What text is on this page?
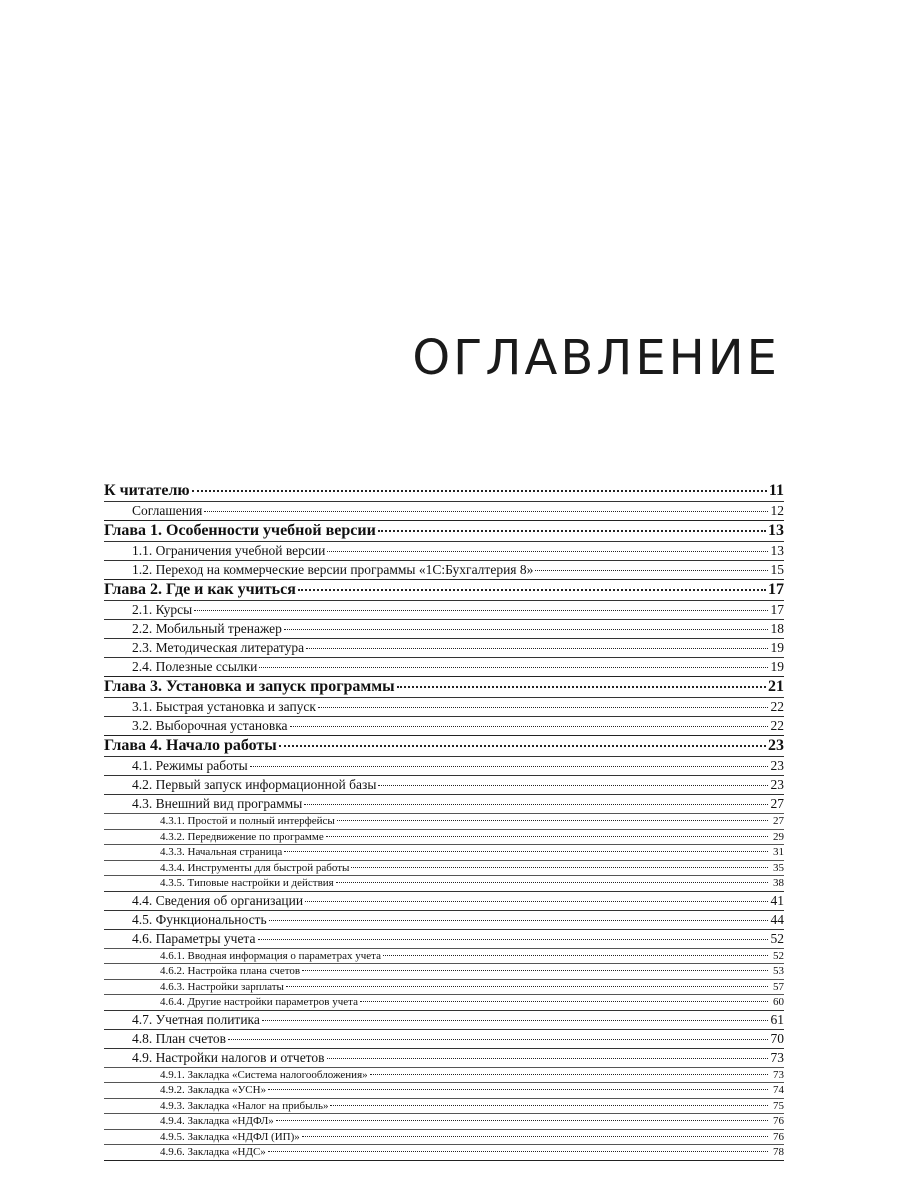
ОГЛАВЛЕНИЕ
К читателю	11
Соглашения	12
Глава 1. Особенности учебной версии	13
1.1. Ограничения учебной версии	13
1.2. Переход на коммерческие версии программы «1С:Бухгалтерия 8»	15
Глава 2. Где и как учиться	17
2.1. Курсы	17
2.2. Мобильный тренажер	18
2.3. Методическая литература	19
2.4. Полезные ссылки	19
Глава 3. Установка и запуск программы	21
3.1. Быстрая установка и запуск	22
3.2. Выборочная установка	22
Глава 4. Начало работы	23
4.1. Режимы работы	23
4.2. Первый запуск информационной базы	23
4.3. Внешний вид программы	27
4.3.1. Простой и полный интерфейсы	27
4.3.2. Передвижение по программе	29
4.3.3. Начальная страница	31
4.3.4. Инструменты для быстрой работы	35
4.3.5. Типовые настройки и действия	38
4.4. Сведения об организации	41
4.5. Функциональность	44
4.6. Параметры учета	52
4.6.1. Вводная информация о параметрах учета	52
4.6.2. Настройка плана счетов	53
4.6.3. Настройки зарплаты	57
4.6.4. Другие настройки параметров учета	60
4.7. Учетная политика	61
4.8. План счетов	70
4.9. Настройки налогов и отчетов	73
4.9.1. Закладка «Система налогообложения»	73
4.9.2. Закладка «УСН»	74
4.9.3. Закладка «Налог на прибыль»	75
4.9.4. Закладка «НДФЛ»	76
4.9.5. Закладка «НДФЛ (ИП)»	76
4.9.6. Закладка «НДС»	78
